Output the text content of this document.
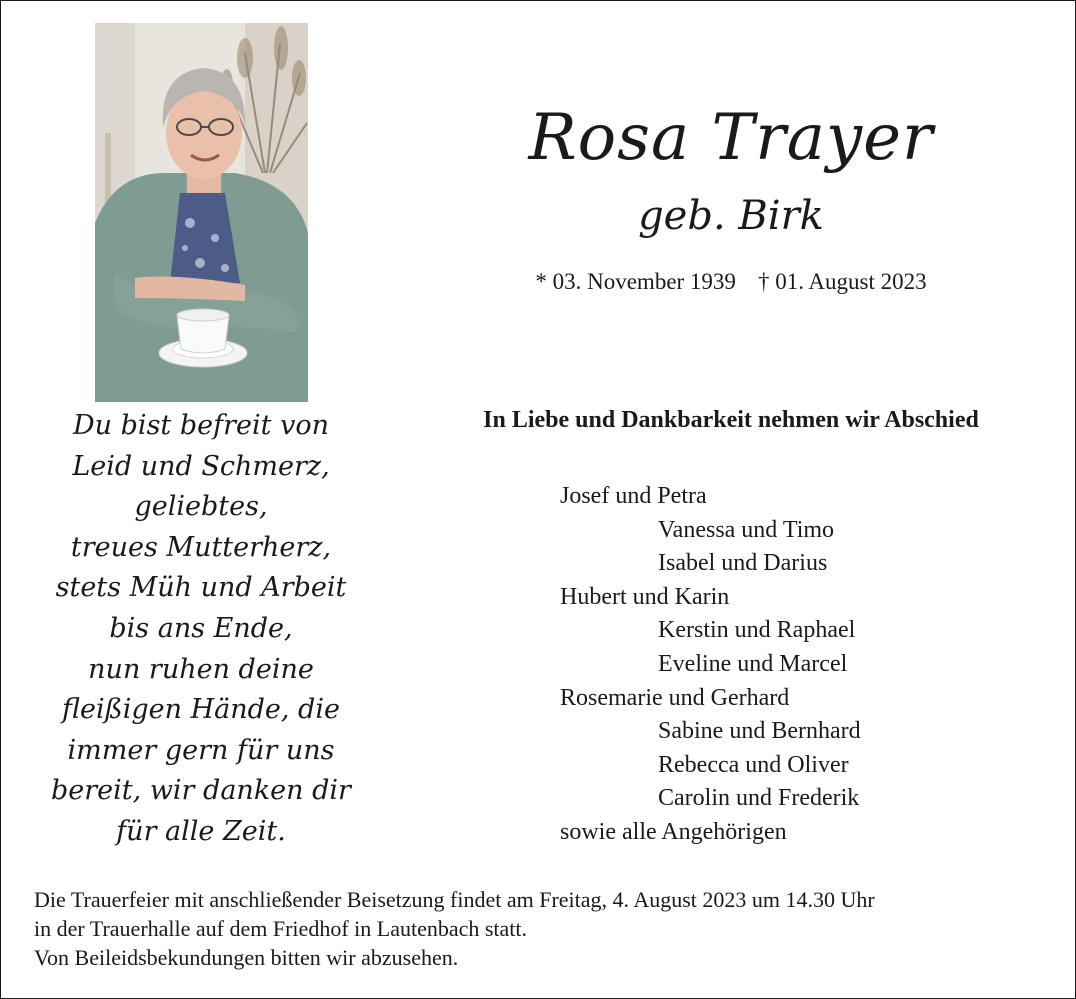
Rosa Trayer
geb. Birk
* 03. November 1939 † 01. August 2023
In Liebe und Dankbarkeit nehmen wir Abschied
Du bist befreit von
Leid und Schmerz,
geliebtes,
treues Mutterherz,
stets Müh und Arbeit
bis ans Ende,
nun ruhen deine
fleißigen Hände, die
immer gern für uns
bereit, wir danken dir
für alle Zeit.
Josef und Petra
Vanessa und Timo
Isabel und Darius
Hubert und Karin
Kerstin und Raphael
Eveline und Marcel
Rosemarie und Gerhard
Sabine und Bernhard
Rebecca und Oliver
Carolin und Frederik
sowie alle Angehörigen
Die Trauerfeier mit anschließender Beisetzung findet am Freitag, 4. August 2023 um 14.30 Uhr
in der Trauerhalle auf dem Friedhof in Lautenbach statt.
Von Beileidsbekundungen bitten wir abzusehen.
